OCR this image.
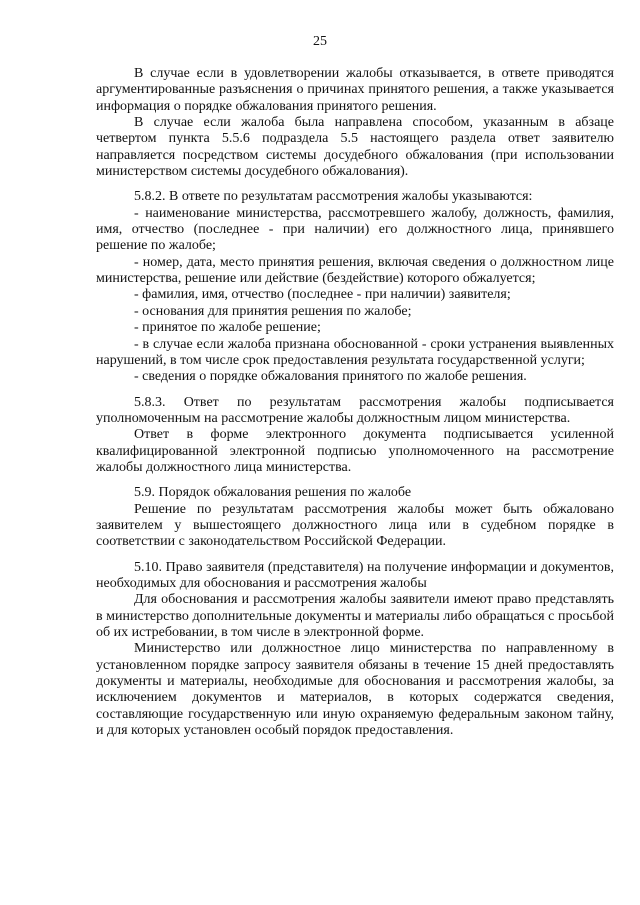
25

В случае если в удовлетворении жалобы отказывается, в ответе приводятся аргументированные разъяснения о причинах принятого решения, а также указывается информация о порядке обжалования принятого решения.

В случае если жалоба была направлена способом, указанным в абзаце четвертом пункта 5.5.6 подраздела 5.5 настоящего раздела ответ заявителю направляется посредством системы досудебного обжалования (при использовании министерством системы досудебного обжалования).

5.8.2. В ответе по результатам рассмотрения жалобы указываются:

- наименование министерства, рассмотревшего жалобу, должность, фамилия, имя, отчество (последнее - при наличии) его должностного лица, принявшего решение по жалобе;

- номер, дата, место принятия решения, включая сведения о должностном лице министерства, решение или действие (бездействие) которого обжалуется;

- фамилия, имя, отчество (последнее - при наличии) заявителя;

- основания для принятия решения по жалобе;

- принятое по жалобе решение;

- в случае если жалоба признана обоснованной - сроки устранения выявленных нарушений, в том числе срок предоставления результата государственной услуги;

- сведения о порядке обжалования принятого по жалобе решения.

5.8.3. Ответ по результатам рассмотрения жалобы подписывается уполномоченным на рассмотрение жалобы должностным лицом министерства.

Ответ в форме электронного документа подписывается усиленной квалифицированной электронной подписью уполномоченного на рассмотрение жалобы должностного лица министерства.

5.9. Порядок обжалования решения по жалобе

Решение по результатам рассмотрения жалобы может быть обжаловано заявителем у вышестоящего должностного лица или в судебном порядке в соответствии с законодательством Российской Федерации.

5.10. Право заявителя (представителя) на получение информации и документов, необходимых для обоснования и рассмотрения жалобы

Для обоснования и рассмотрения жалобы заявители имеют право представлять в министерство дополнительные документы и материалы либо обращаться с просьбой об их истребовании, в том числе в электронной форме.

Министерство или должностное лицо министерства по направленному в установленном порядке запросу заявителя обязаны в течение 15 дней предоставлять документы и материалы, необходимые для обоснования и рассмотрения жалобы, за исключением документов и материалов, в которых содержатся сведения, составляющие государственную или иную охраняемую федеральным законом тайну, и для которых установлен особый порядок предоставления.
